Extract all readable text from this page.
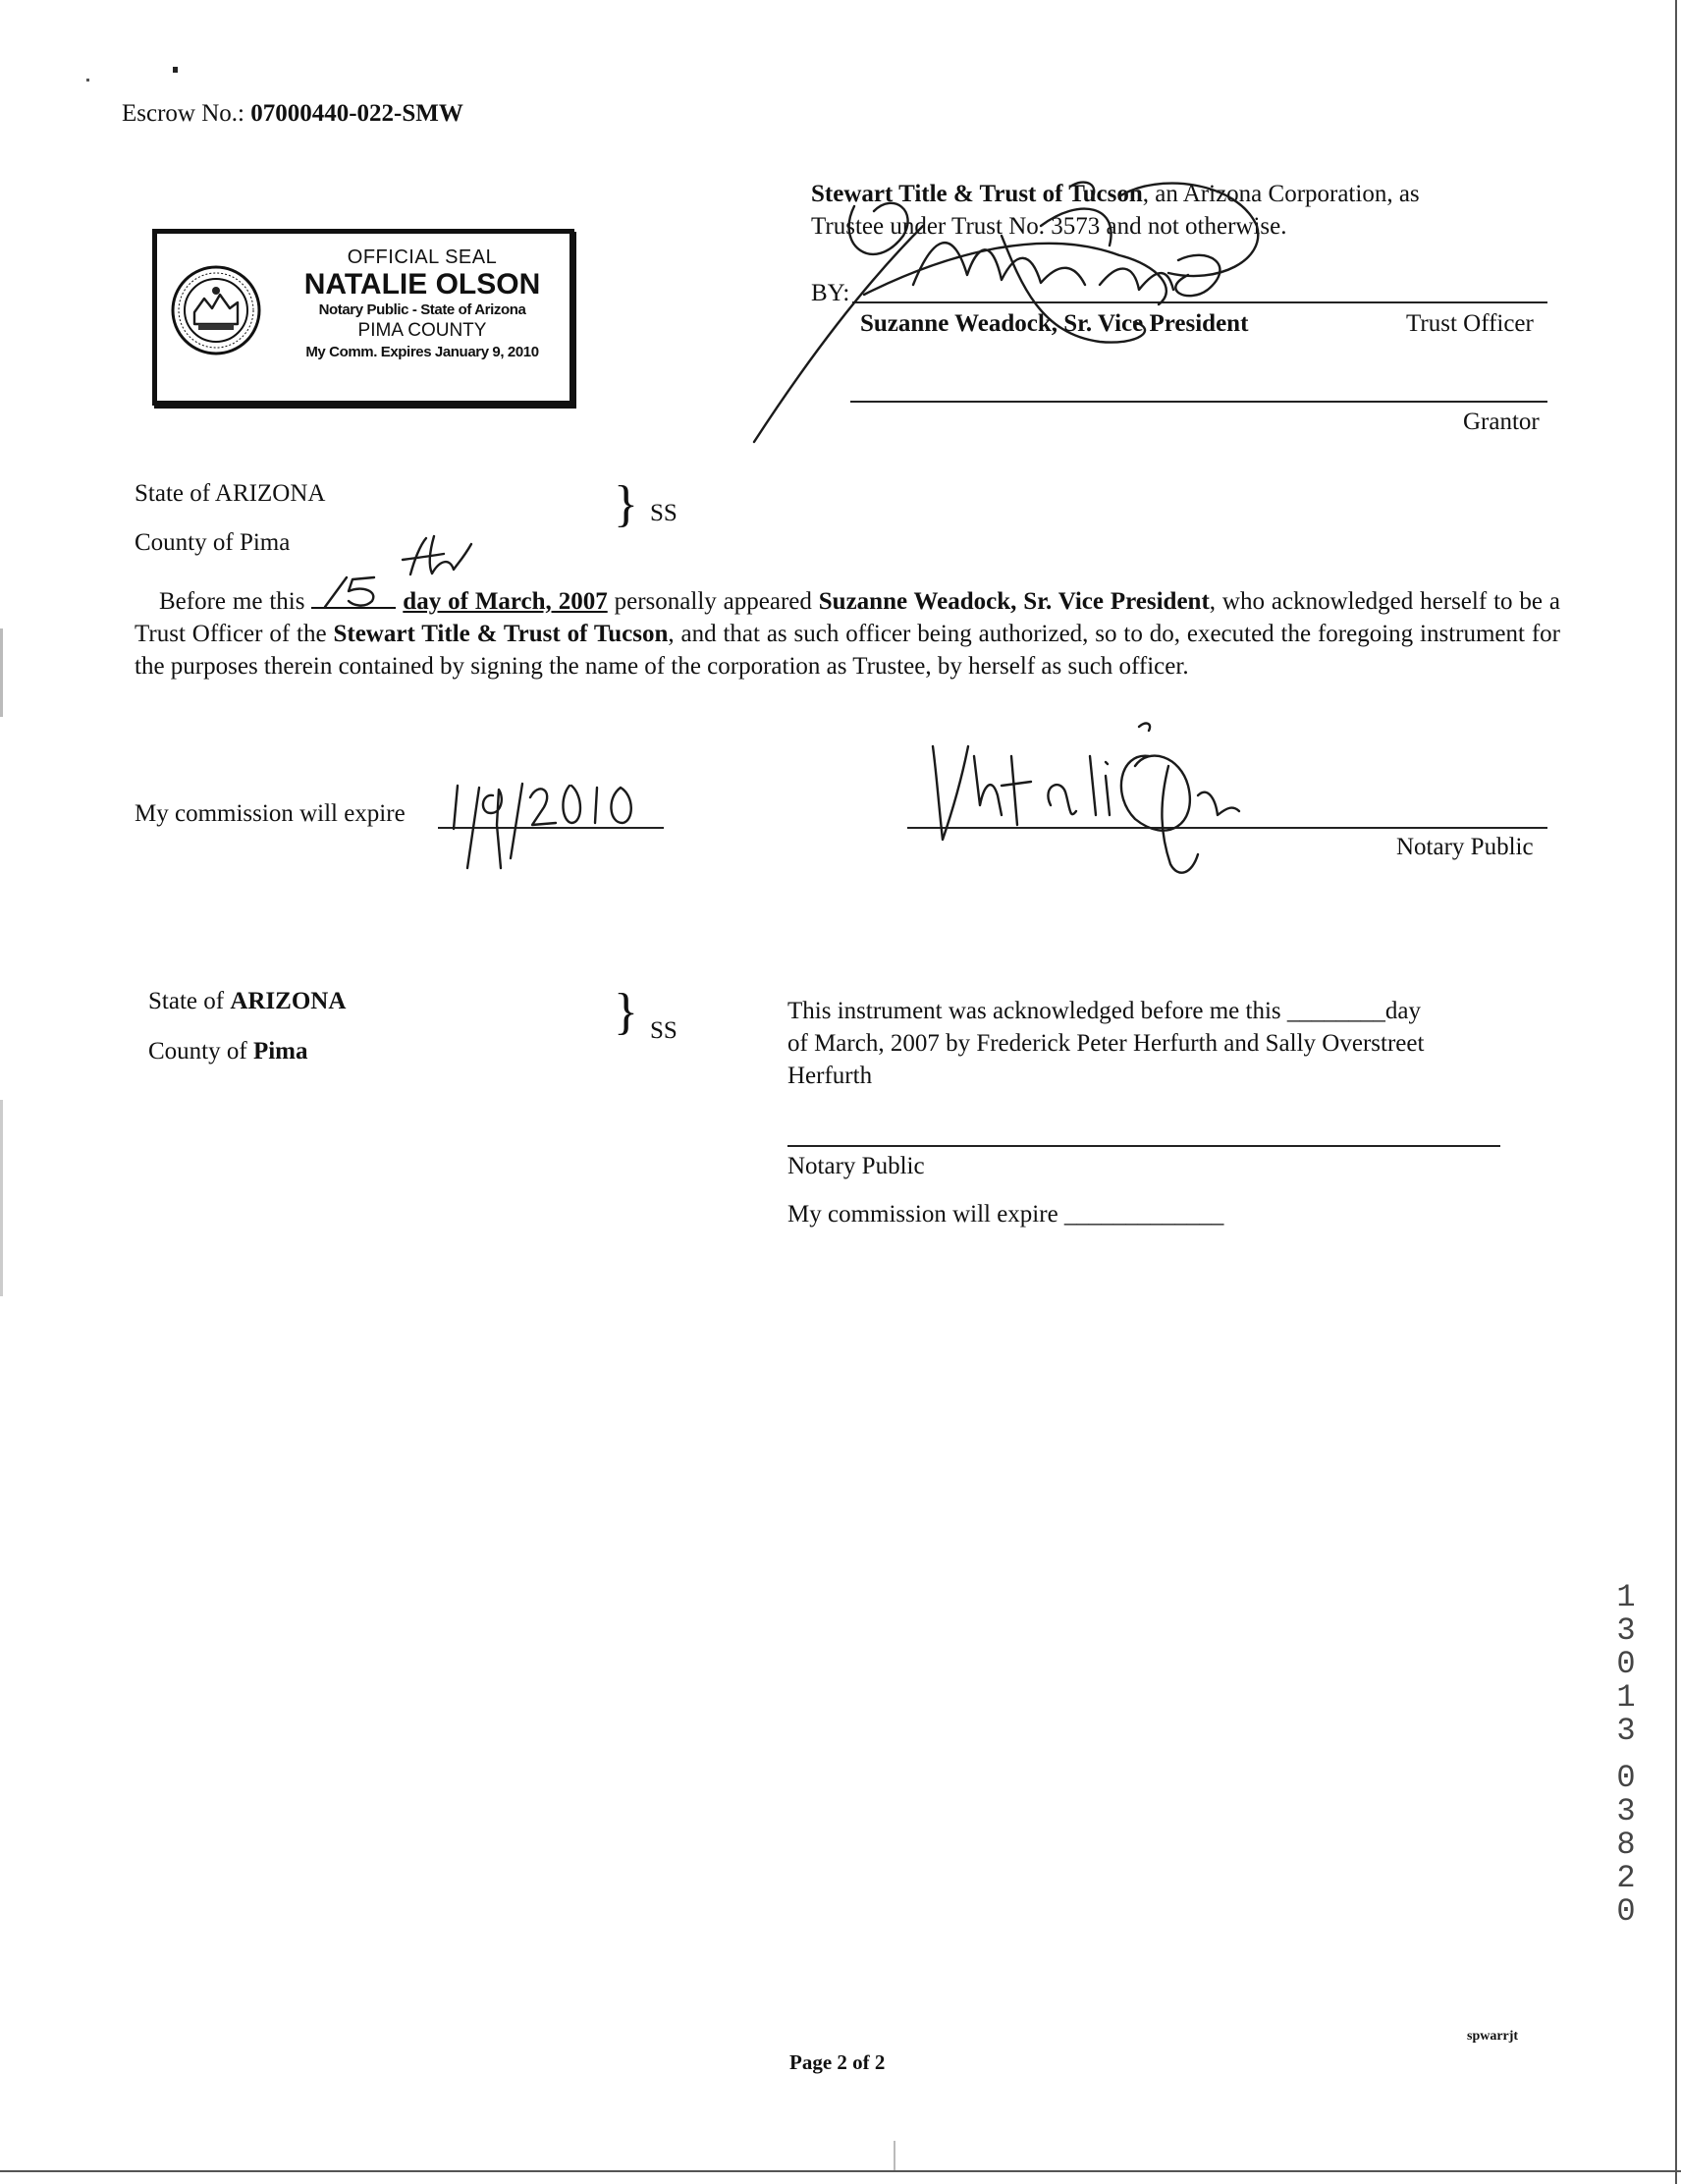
Escrow No.: 07000440-022-SMW
OFFICIAL SEAL
NATALIE OLSON
Notary Public - State of Arizona
PIMA COUNTY
My Comm. Expires January 9, 2010
Stewart Title & Trust of Tucson, an Arizona Corporation, as
Trustee under Trust No. 3573 and not otherwise.
BY:
Suzanne Weadock, Sr. Vice President	Trust Officer
Grantor
State of ARIZONA
County of Pima
} SS
Before me this	day of March, 2007 personally appeared Suzanne Weadock, Sr. Vice President, who acknowledged herself to be a Trust Officer of the Stewart Title & Trust of Tucson, and that as such officer being authorized, so to do, executed the foregoing instrument for the purposes therein contained by signing the name of the corporation as Trustee, by herself as such officer.
My commission will expire
Notary Public
State of ARIZONA
County of Pima
} SS
This instrument was acknowledged before me this ________day
of March, 2007 by Frederick Peter Herfurth and Sally Overstreet
Herfurth
Notary Public
My commission will expire _____________
1
3
0
1
3
0
3
8
2
0
spwarrjt
Page 2 of 2
